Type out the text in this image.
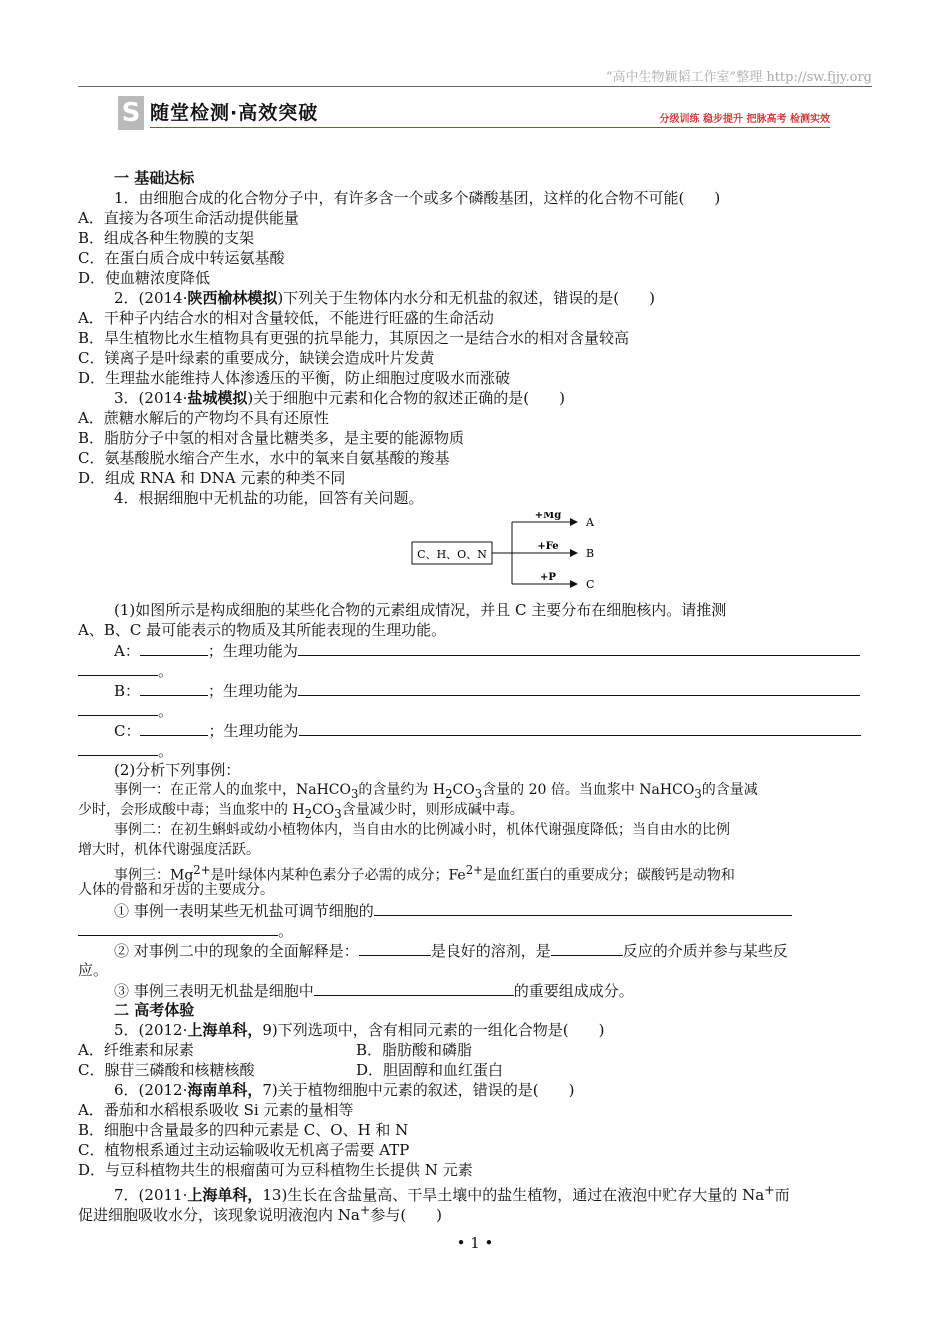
“高中生物颖韬工作室”整理 http://sw.fjjy.org
S 随堂检测·高效突破	分级训练 稳步提升 把脉高考 检测实效
一 基础达标
1．由细胞合成的化合物分子中，有许多含一个或多个磷酸基团，这样的化合物不可能(　　)
A．直接为各项生命活动提供能量
B．组成各种生物膜的支架
C．在蛋白质合成中转运氨基酸
D．使血糖浓度降低
2．(2014·陕西榆林模拟)下列关于生物体内水分和无机盐的叙述，错误的是(　　)
A．干种子内结合水的相对含量较低，不能进行旺盛的生命活动
B．旱生植物比水生植物具有更强的抗旱能力，其原因之一是结合水的相对含量较高
C．镁离子是叶绿素的重要成分，缺镁会造成叶片发黄
D．生理盐水能维持人体渗透压的平衡，防止细胞过度吸水而涨破
3．(2014·盐城模拟)关于细胞中元素和化合物的叙述正确的是(　　)
A．蔗糖水解后的产物均不具有还原性
B．脂肪分子中氢的相对含量比糖类多，是主要的能源物质
C．氨基酸脱水缩合产生水，水中的氧来自氨基酸的羧基
D．组成 RNA 和 DNA 元素的种类不同
4．根据细胞中无机盐的功能，回答有关问题。
C、H、O、N
+Mg
+Fe
+P
A
B
C
(1)如图所示是构成细胞的某些化合物的元素组成情况，并且 C 主要分布在细胞核内。请推测
A、B、C 最可能表示的物质及其所能表现的生理功能。
A：	；生理功能为
。
B：	；生理功能为
。
C：	；生理功能为
。
(2)分析下列事例：
事例一：在正常人的血浆中，NaHCO$_3$的含量约为 $H_2CO_3$含量的 20 倍。当血浆中 NaHCO$_3$的含量减
少时，会形成酸中毒；当血浆中的 $H_2CO_3$含量减少时，则形成碱中毒。
事例二：在初生蝌蚪或幼小植物体内，当自由水的比例减小时，机体代谢强度降低；当自由水的比例
增大时，机体代谢强度活跃。
事例三：$Mg^{2+}$是叶绿体内某种色素分子必需的成分；$Fe^{2+}$是血红蛋白的重要成分；碳酸钙是动物和
人体的骨骼和牙齿的主要成分。
① 事例一表明某些无机盐可调节细胞的
。
② 对事例二中的现象的全面解释是：	是良好的溶剂，是	反应的介质并参与某些反
应。
③ 事例三表明无机盐是细胞中	的重要组成成分。
二 高考体验
5．(2012·上海单科，9)下列选项中，含有相同元素的一组化合物是(　　)
A．纤维素和尿素	B．脂肪酸和磷脂
C．腺苷三磷酸和核糖核酸	D．胆固醇和血红蛋白
6．(2012·海南单科，7)关于植物细胞中元素的叙述，错误的是(　　)
A．番茄和水稻根系吸收 Si 元素的量相等
B．细胞中含量最多的四种元素是 C、O、H 和 N
C．植物根系通过主动运输吸收无机离子需要 ATP
D．与豆科植物共生的根瘤菌可为豆科植物生长提供 N 元素
7．(2011·上海单科，13)生长在含盐量高、干旱土壤中的盐生植物，通过在液泡中贮存大量的 Na+而
促进细胞吸收水分，该现象说明液泡内 Na+参与(　　)
• 1 •
